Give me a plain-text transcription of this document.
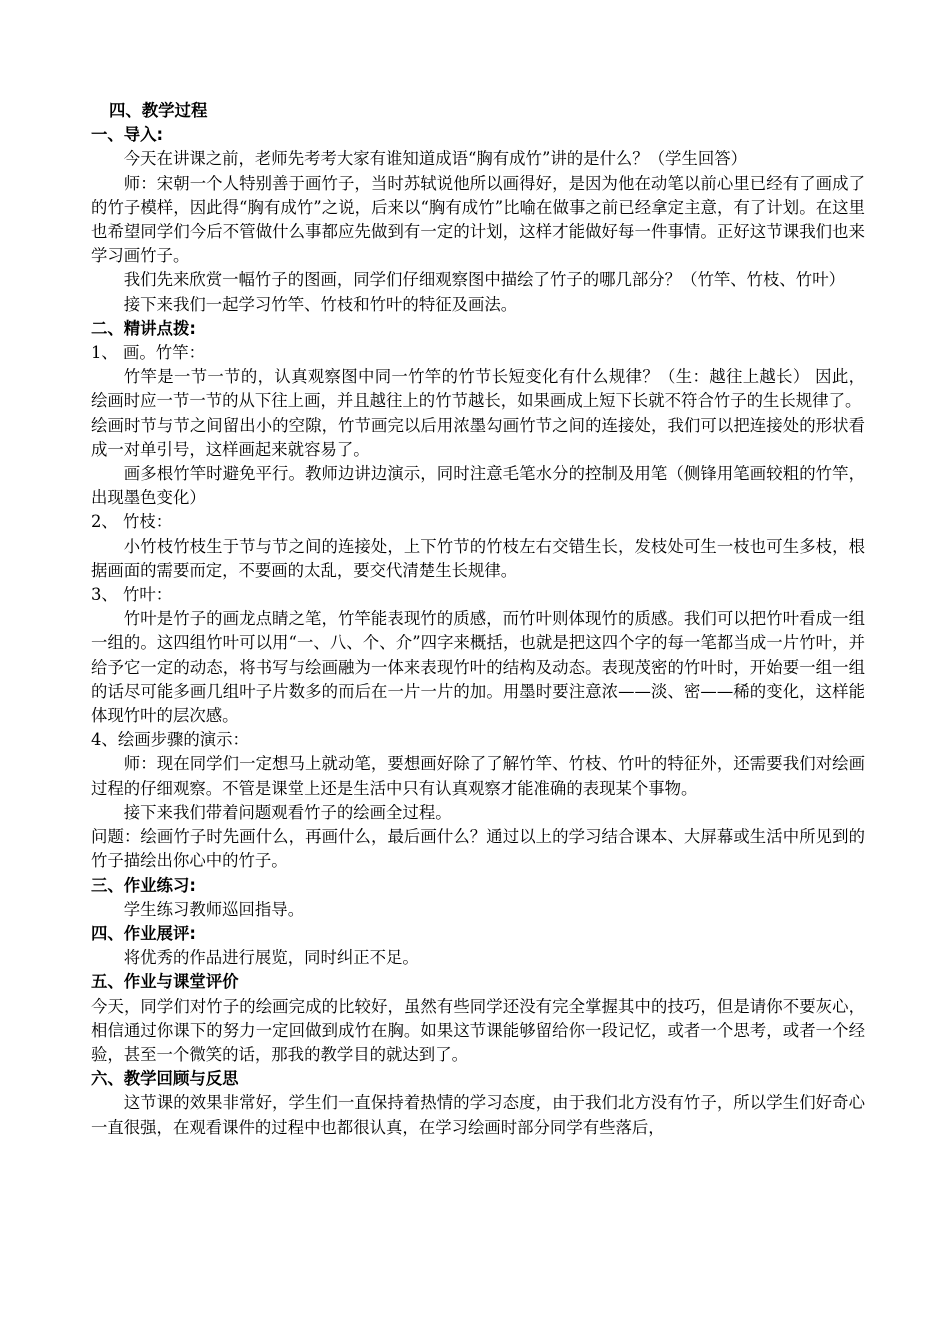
四、教学过程
一、导入:
今天在讲课之前，老师先考考大家有谁知道成语“胸有成竹”讲的是什么？（学生回答）
师：宋朝一个人特别善于画竹子，当时苏轼说他所以画得好，是因为他在动笔以前心里已经有了画成了的竹子模样，因此得“胸有成竹”之说，后来以“胸有成竹”比喻在做事之前已经拿定主意，有了计划。在这里也希望同学们今后不管做什么事都应先做到有一定的计划，这样才能做好每一件事情。正好这节课我们也来学习画竹子。
我们先来欣赏一幅竹子的图画，同学们仔细观察图中描绘了竹子的哪几部分？（竹竿、竹枝、竹叶）
接下来我们一起学习竹竿、竹枝和竹叶的特征及画法。
二、精讲点拨:
1、 画。竹竿：
竹竿是一节一节的，认真观察图中同一竹竿的竹节长短变化有什么规律？（生：越往上越长） 因此，绘画时应一节一节的从下往上画，并且越往上的竹节越长，如果画成上短下长就不符合竹子的生长规律了。
绘画时节与节之间留出小的空隙，竹节画完以后用浓墨勾画竹节之间的连接处，我们可以把连接处的形状看成一对单引号，这样画起来就容易了。
画多根竹竿时避免平行。教师边讲边演示，同时注意毛笔水分的控制及用笔（侧锋用笔画较粗的竹竿，出现墨色变化）
2、 竹枝：
小竹枝竹枝生于节与节之间的连接处，上下竹节的竹枝左右交错生长，发枝处可生一枝也可生多枝，根据画面的需要而定，不要画的太乱，要交代清楚生长规律。
3、 竹叶：
竹叶是竹子的画龙点睛之笔，竹竿能表现竹的质感，而竹叶则体现竹的质感。我们可以把竹叶看成一组一组的。这四组竹叶可以用“一、八、个、介”四字来概括，也就是把这四个字的每一笔都当成一片竹叶，并给予它一定的动态，将书写与绘画融为一体来表现竹叶的结构及动态。表现茂密的竹叶时，开始要一组一组的话尽可能多画几组叶子片数多的而后在一片一片的加。用墨时要注意浓——淡、密——稀的变化，这样能体现竹叶的层次感。
4、绘画步骤的演示：
师：现在同学们一定想马上就动笔，要想画好除了了解竹竿、竹枝、竹叶的特征外，还需要我们对绘画过程的仔细观察。不管是课堂上还是生活中只有认真观察才能准确的表现某个事物。
接下来我们带着问题观看竹子的绘画全过程。
问题：绘画竹子时先画什么，再画什么，最后画什么？通过以上的学习结合课本、大屏幕或生活中所见到的竹子描绘出你心中的竹子。
三、作业练习:
学生练习教师巡回指导。
四、作业展评:
将优秀的作品进行展览，同时纠正不足。
五、作业与课堂评价
今天，同学们对竹子的绘画完成的比较好，虽然有些同学还没有完全掌握其中的技巧，但是请你不要灰心，相信通过你课下的努力一定回做到成竹在胸。如果这节课能够留给你一段记忆，或者一个思考，或者一个经验，甚至一个微笑的话，那我的教学目的就达到了。
六、教学回顾与反思
这节课的效果非常好，学生们一直保持着热情的学习态度，由于我们北方没有竹子，所以学生们好奇心一直很强，在观看课件的过程中也都很认真，在学习绘画时部分同学有些落后，
